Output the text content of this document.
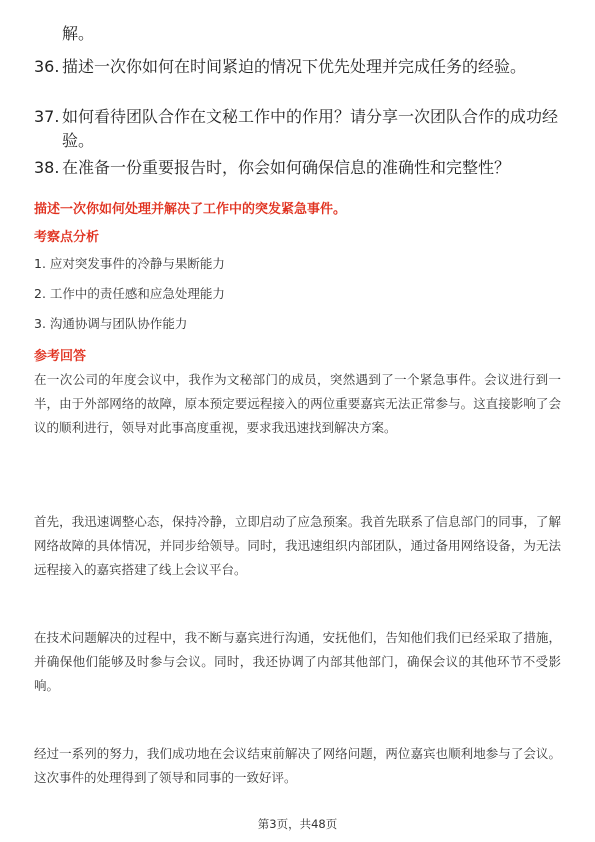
解。
36. 描述一次你如何在时间紧迫的情况下优先处理并完成任务的经验。
37. 如何看待团队合作在文秘工作中的作用？请分享一次团队合作的成功经验。
38. 在准备一份重要报告时，你会如何确保信息的准确性和完整性？
描述一次你如何处理并解决了工作中的突发紧急事件。
考察点分析
1. 应对突发事件的冷静与果断能力
2. 工作中的责任感和应急处理能力
3. 沟通协调与团队协作能力
参考回答
在一次公司的年度会议中，我作为文秘部门的成员，突然遇到了一个紧急事件。会议进行到一半，由于外部网络的故障，原本预定要远程接入的两位重要嘉宾无法正常参与。这直接影响了会议的顺利进行，领导对此事高度重视，要求我迅速找到解决方案。
首先，我迅速调整心态，保持冷静，立即启动了应急预案。我首先联系了信息部门的同事，了解网络故障的具体情况，并同步给领导。同时，我迅速组织内部团队，通过备用网络设备，为无法远程接入的嘉宾搭建了线上会议平台。
在技术问题解决的过程中，我不断与嘉宾进行沟通，安抚他们，告知他们我们已经采取了措施，并确保他们能够及时参与会议。同时，我还协调了内部其他部门，确保会议的其他环节不受影响。
经过一系列的努力，我们成功地在会议结束前解决了网络问题，两位嘉宾也顺利地参与了会议。这次事件的处理得到了领导和同事的一致好评。
第3页，共48页
